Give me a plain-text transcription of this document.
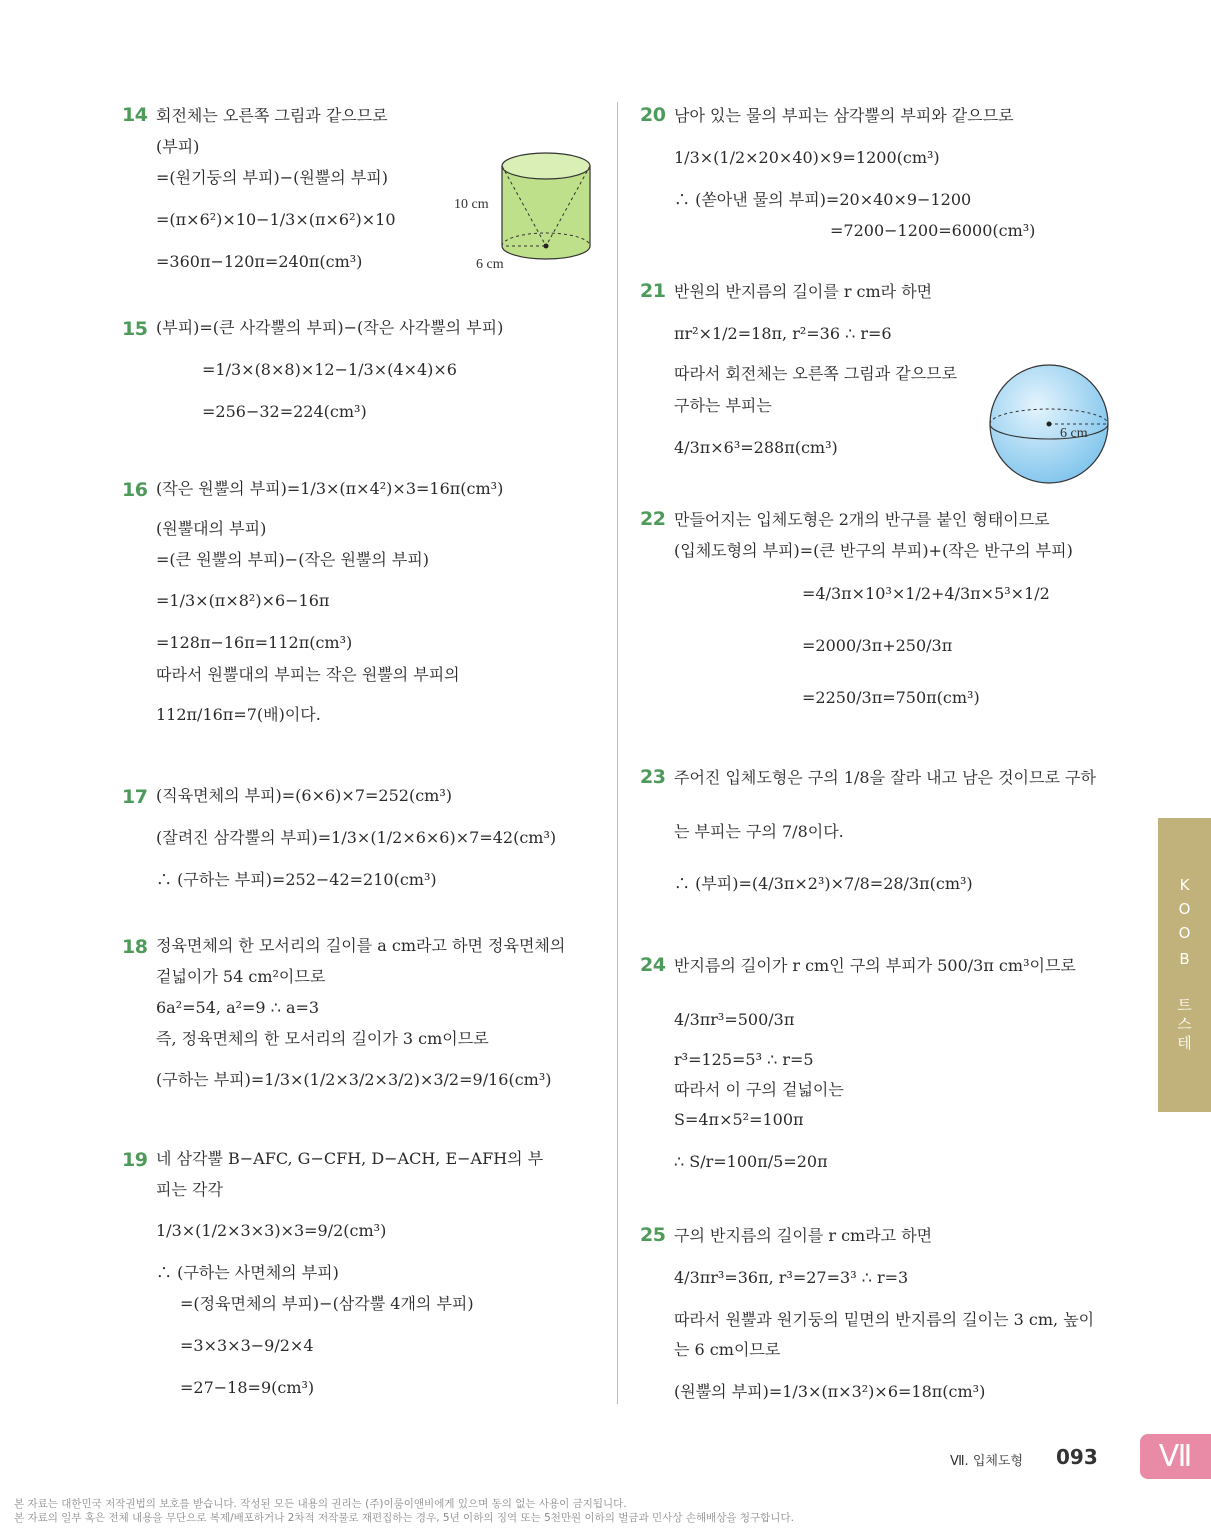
14 회전체는 오른쪽 그림과 같으므로
(부피)
=(원기둥의 부피)−(원뿔의 부피)
=(π×6²)×10−1/3×(π×6²)×10
=360π−120π=240π(cm³)
10 cm
6 cm
15 (부피)=(큰 사각뿔의 부피)−(작은 사각뿔의 부피)
=1/3×(8×8)×12−1/3×(4×4)×6
=256−32=224(cm³)
16 (작은 원뿔의 부피)=1/3×(π×4²)×3=16π(cm³)
(원뿔대의 부피)
=(큰 원뿔의 부피)−(작은 원뿔의 부피)
=1/3×(π×8²)×6−16π
=128π−16π=112π(cm³)
따라서 원뿔대의 부피는 작은 원뿔의 부피의
112π/16π=7(배)이다.
17 (직육면체의 부피)=(6×6)×7=252(cm³)
(잘려진 삼각뿔의 부피)=1/3×(1/2×6×6)×7=42(cm³)
∴ (구하는 부피)=252−42=210(cm³)
18 정육면체의 한 모서리의 길이를 a cm라고 하면 정육면체의
겉넓이가 54 cm²이므로
6a²=54, a²=9 ∴ a=3
즉, 정육면체의 한 모서리의 길이가 3 cm이므로
(구하는 부피)=1/3×(1/2×3/2×3/2)×3/2=9/16(cm³)
19 네 삼각뿔 B−AFC, G−CFH, D−ACH, E−AFH의 부
피는 각각
1/3×(1/2×3×3)×3=9/2(cm³)
∴ (구하는 사면체의 부피)
=(정육면체의 부피)−(삼각뿔 4개의 부피)
=3×3×3−9/2×4
=27−18=9(cm³)
20 남아 있는 물의 부피는 삼각뿔의 부피와 같으므로
1/3×(1/2×20×40)×9=1200(cm³)
∴ (쏟아낸 물의 부피)=20×40×9−1200
=7200−1200=6000(cm³)
21 반원의 반지름의 길이를 r cm라 하면
πr²×1/2=18π, r²=36 ∴ r=6
따라서 회전체는 오른쪽 그림과 같으므로
구하는 부피는
4/3π×6³=288π(cm³)
6 cm
22 만들어지는 입체도형은 2개의 반구를 붙인 형태이므로
(입체도형의 부피)=(큰 반구의 부피)+(작은 반구의 부피)
=4/3π×10³×1/2+4/3π×5³×1/2
=2000/3π+250/3π
=2250/3π=750π(cm³)
23 주어진 입체도형은 구의 1/8을 잘라 내고 남은 것이므로 구하
는 부피는 구의 7/8이다.
∴ (부피)=(4/3π×2³)×7/8=28/3π(cm³)
24 반지름의 길이가 r cm인 구의 부피가 500/3π cm³이므로
4/3πr³=500/3π
r³=125=5³ ∴ r=5
따라서 이 구의 겉넓이는
S=4π×5²=100π
∴ S/r=100π/5=20π
25 구의 반지름의 길이를 r cm라고 하면
4/3πr³=36π, r³=27=3³ ∴ r=3
따라서 원뿔과 원기둥의 밑면의 반지름의 길이는 3 cm, 높이
는 6 cm이므로
(원뿔의 부피)=1/3×(π×3²)×6=18π(cm³)
테
스
트
B
O
O
K
Ⅶ. 입체도형 093	Ⅶ
본 자료는 대한민국 저작권법의 보호를 받습니다. 작성된 모든 내용의 권리는 (주)이룸이앤비에게 있으며 동의 없는 사용이 금지됩니다.
본 자료의 일부 혹은 전체 내용을 무단으로 복제/배포하거나 2차적 저작물로 재편집하는 경우, 5년 이하의 징역 또는 5천만원 이하의 벌금과 민사상 손해배상을 청구합니다.
